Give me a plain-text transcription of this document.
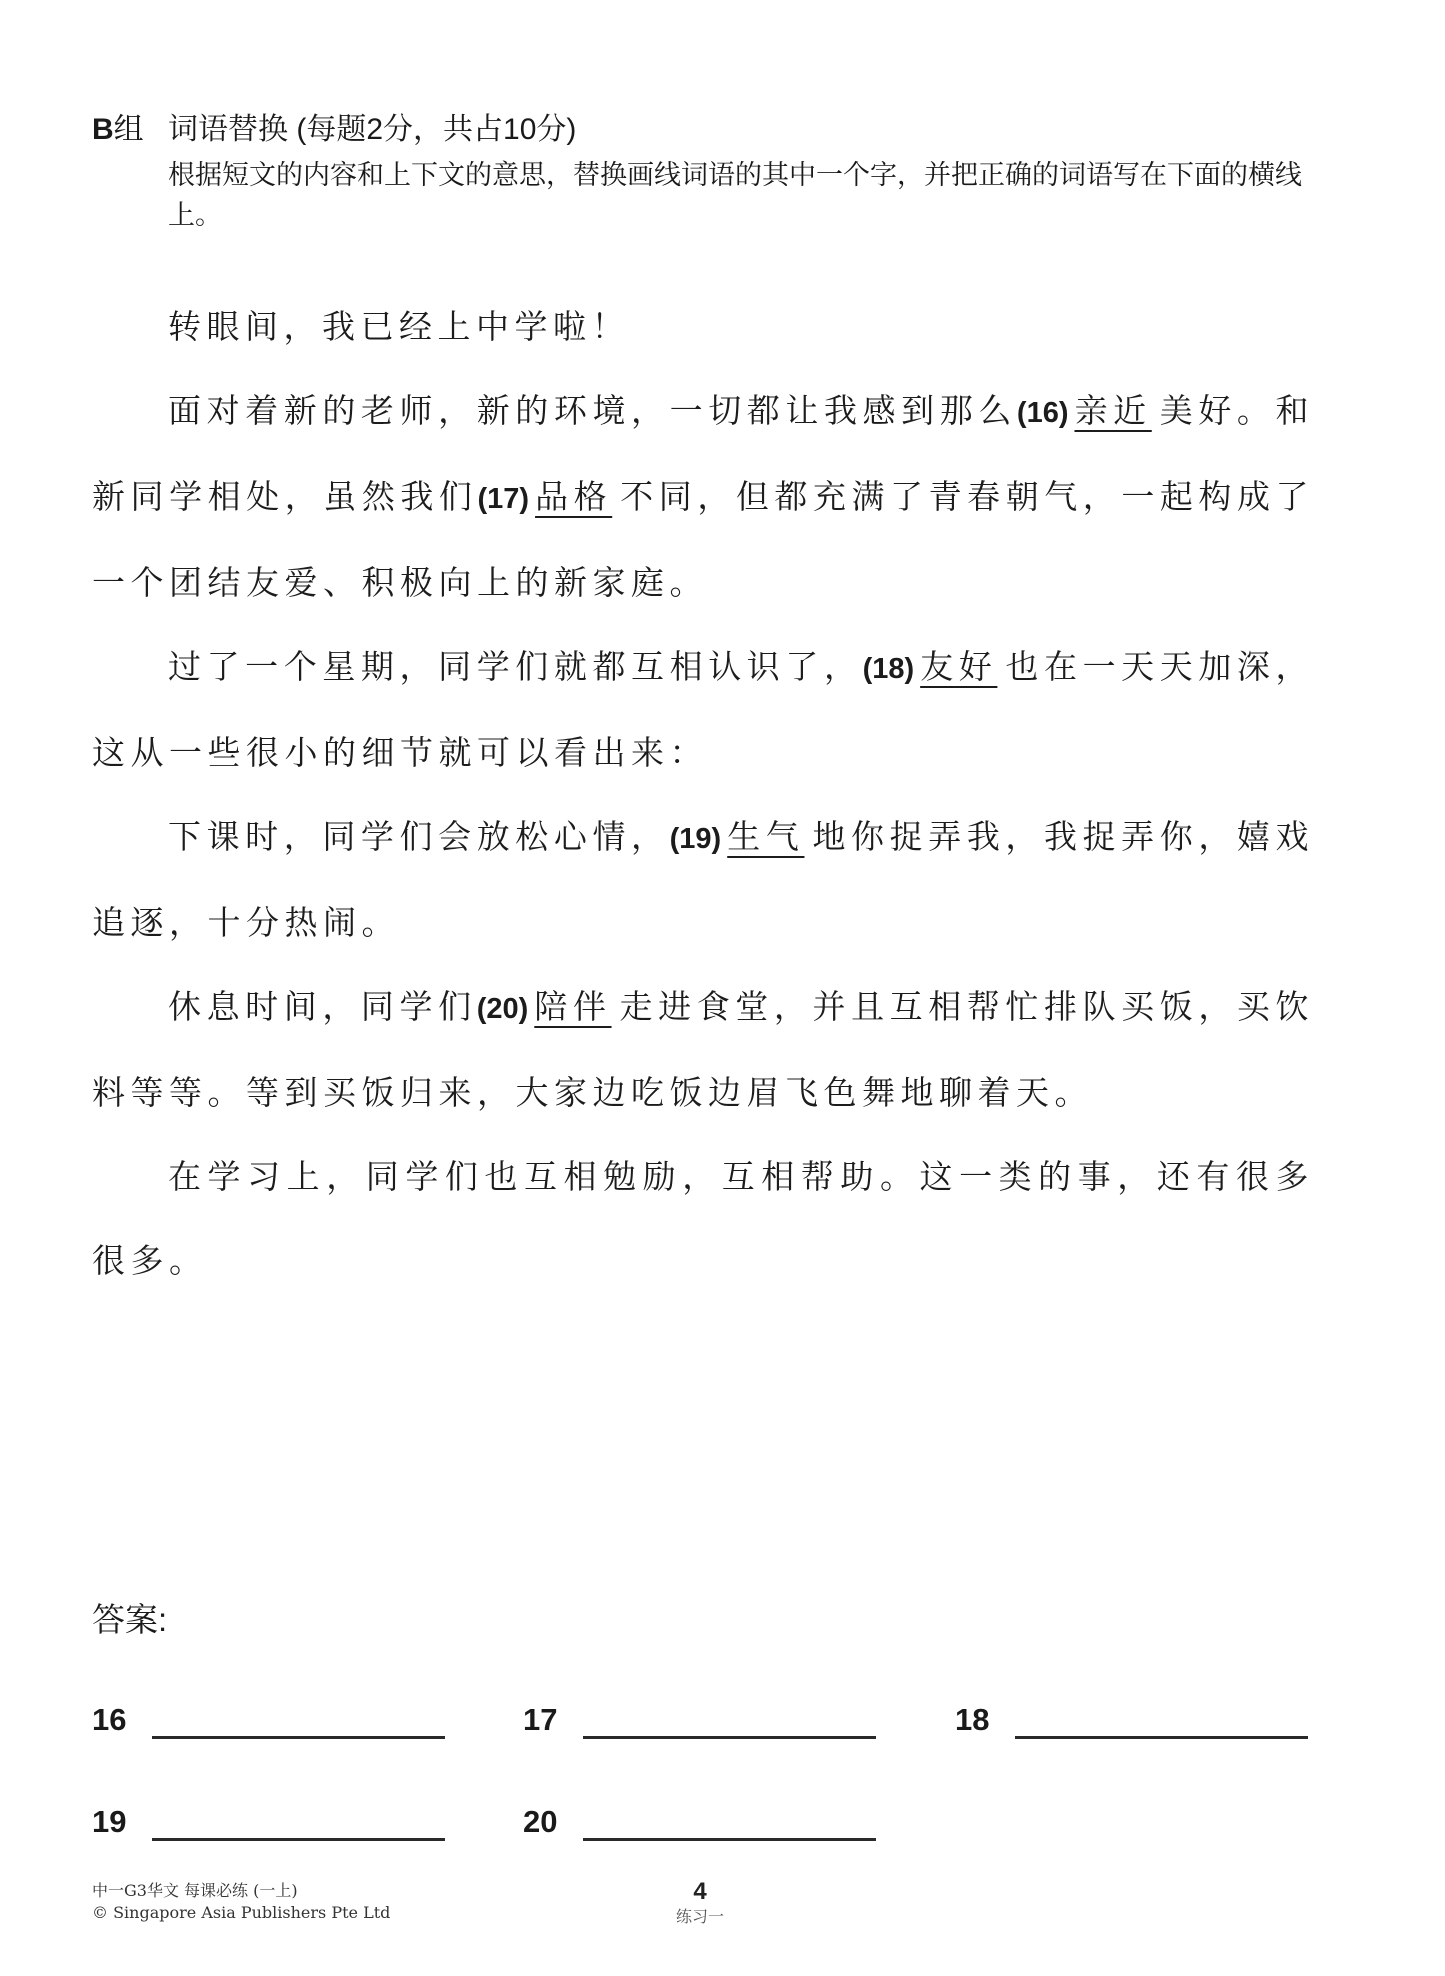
B组 词语替换 (每题2分，共占10分)
根据短文的内容和上下文的意思，替换画线词语的其中一个字，并把正确的词语写在下面的横线上。

转眼间，我已经上中学啦！

面对着新的老师，新的环境，一切都让我感到那么(16) 亲近 美好。和新同学相处，虽然我们(17) 品格 不同，但都充满了青春朝气，一起构成了一个团结友爱、积极向上的新家庭。

过了一个星期，同学们就都互相认识了，(18) 友好 也在一天天加深，这从一些很小的细节就可以看出来：

下课时，同学们会放松心情，(19) 生气 地你捉弄我，我捉弄你，嬉戏追逐，十分热闹。

休息时间，同学们(20) 陪伴 走进食堂，并且互相帮忙排队买饭，买饮料等等。等到买饭归来，大家边吃饭边眉飞色舞地聊着天。

在学习上，同学们也互相勉励，互相帮助。这一类的事，还有很多很多。

答案:
16	17	18
19	20
中一G3华文 每课必练 (一上)
© Singapore Asia Publishers Pte Ltd
4
练习一
